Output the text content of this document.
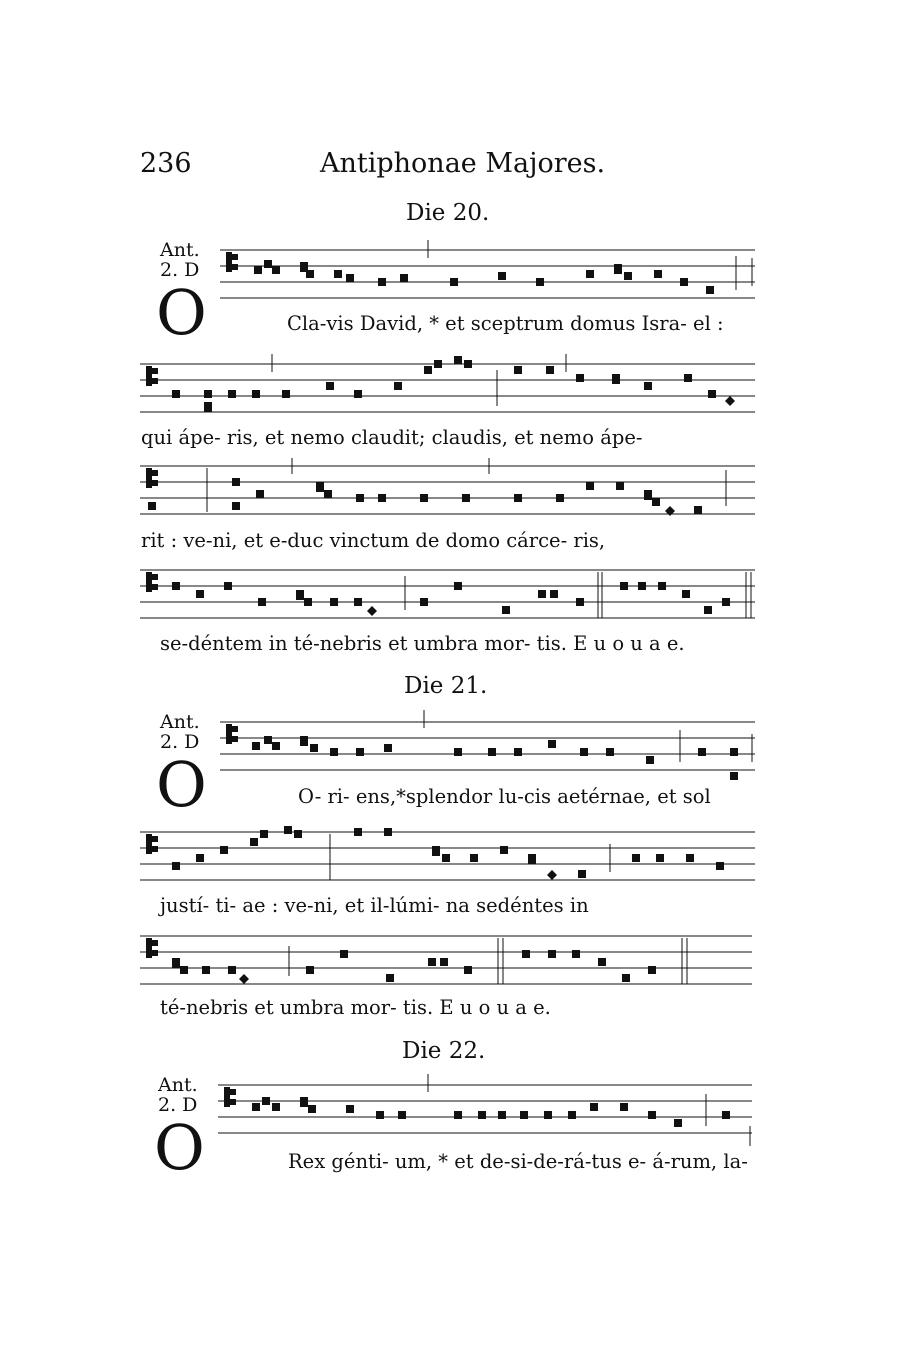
236	Antiphonae Majores.
Die 20.
Ant.
2. D
O	Cla-vis David, * et sceptrum domus Isra- el :
qui ápe- ris, et nemo claudit; claudis, et nemo ápe-
rit : ve-ni, et e-duc vinctum de domo cárce- ris,
se-déntem in té-nebris et umbra mor- tis. E u o u a e.
Die 21.
Ant.
2. D
O	O- ri- ens,*splendor lu-cis aetérnae, et sol
justí- ti- ae : ve-ni, et il-lúmi- na sedéntes in
té-nebris et umbra mor- tis. E u o u a e.
Die 22.
Ant.
2. D
O	Rex génti- um, * et de-si-de-rá-tus e- á-rum, la-
